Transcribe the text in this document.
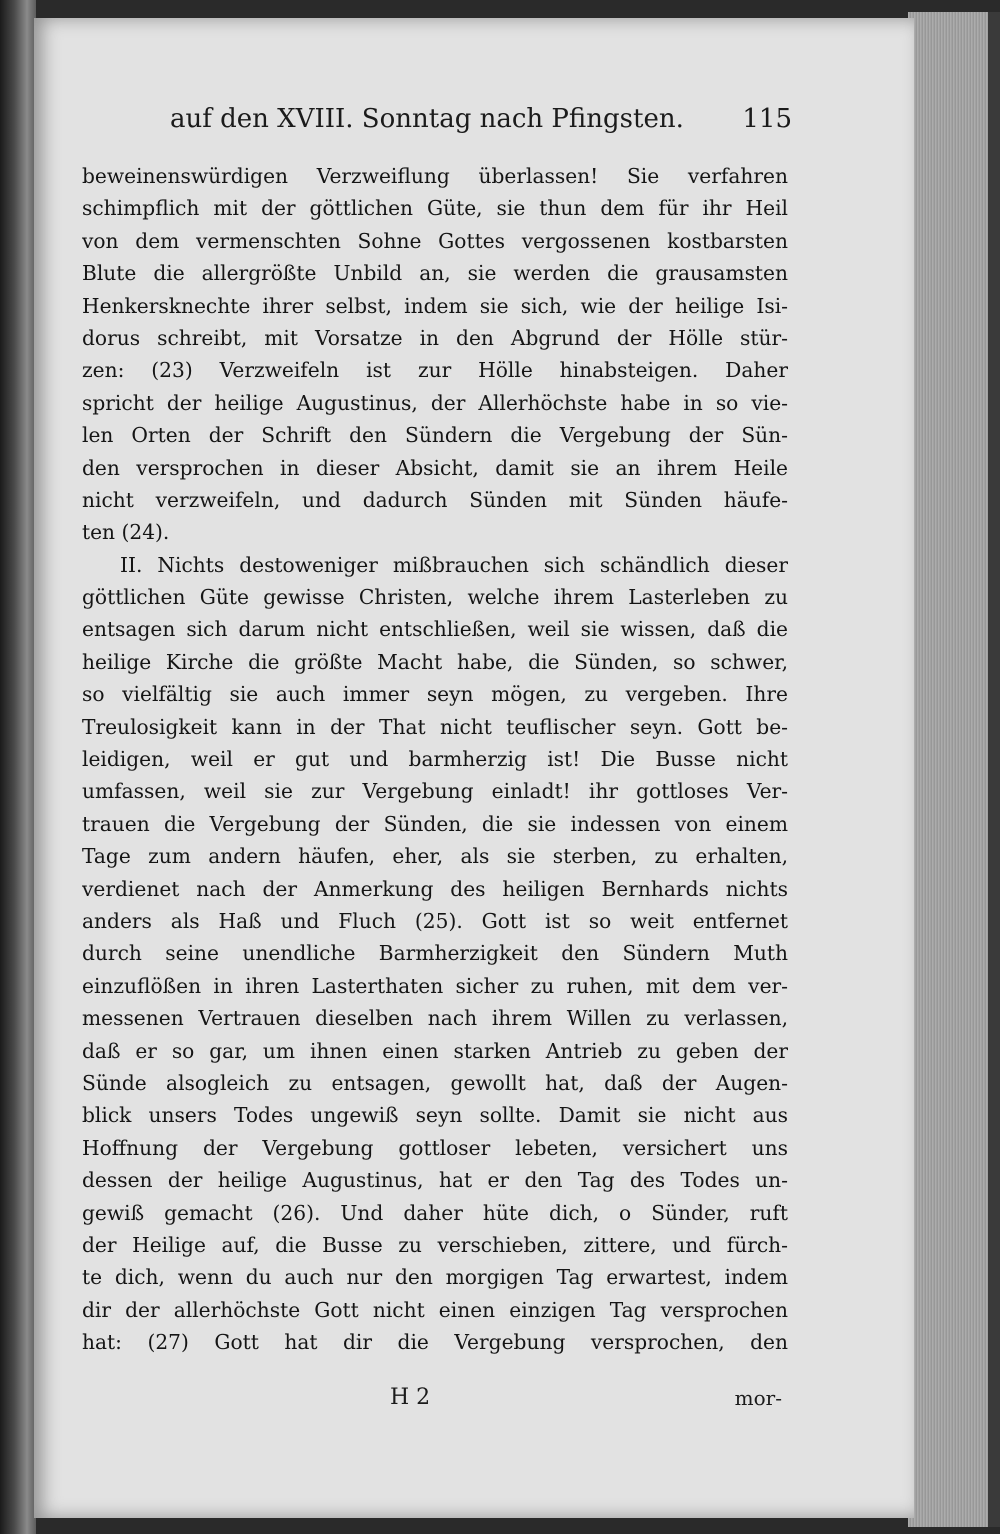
auf den XVIII. Sonntag nach Pfingsten. 115
beweinenswürdigen Verzweiflung überlassen! Sie verfahren
schimpflich mit der göttlichen Güte, sie thun dem für ihr Heil
von dem vermenschten Sohne Gottes vergossenen kostbarsten
Blute die allergrößte Unbild an, sie werden die grausamsten
Henkersknechte ihrer selbst, indem sie sich, wie der heilige Isi-
dorus schreibt, mit Vorsatze in den Abgrund der Hölle stür-
zen: (23) Verzweifeln ist zur Hölle hinabsteigen. Daher
spricht der heilige Augustinus, der Allerhöchste habe in so vie-
len Orten der Schrift den Sündern die Vergebung der Sün-
den versprochen in dieser Absicht, damit sie an ihrem Heile
nicht verzweifeln, und dadurch Sünden mit Sünden häufe-
ten (24).
II. Nichts destoweniger mißbrauchen sich schändlich dieser
göttlichen Güte gewisse Christen, welche ihrem Lasterleben zu
entsagen sich darum nicht entschließen, weil sie wissen, daß die
heilige Kirche die größte Macht habe, die Sünden, so schwer,
so vielfältig sie auch immer seyn mögen, zu vergeben. Ihre
Treulosigkeit kann in der That nicht teuflischer seyn. Gott be-
leidigen, weil er gut und barmherzig ist! Die Busse nicht
umfassen, weil sie zur Vergebung einladt! ihr gottloses Ver-
trauen die Vergebung der Sünden, die sie indessen von einem
Tage zum andern häufen, eher, als sie sterben, zu erhalten,
verdienet nach der Anmerkung des heiligen Bernhards nichts
anders als Haß und Fluch (25). Gott ist so weit entfernet
durch seine unendliche Barmherzigkeit den Sündern Muth
einzuflößen in ihren Lasterthaten sicher zu ruhen, mit dem ver-
messenen Vertrauen dieselben nach ihrem Willen zu verlassen,
daß er so gar, um ihnen einen starken Antrieb zu geben der
Sünde alsogleich zu entsagen, gewollt hat, daß der Augen-
blick unsers Todes ungewiß seyn sollte. Damit sie nicht aus
Hoffnung der Vergebung gottloser lebeten, versichert uns
dessen der heilige Augustinus, hat er den Tag des Todes un-
gewiß gemacht (26). Und daher hüte dich, o Sünder, ruft
der Heilige auf, die Busse zu verschieben, zittere, und fürch-
te dich, wenn du auch nur den morgigen Tag erwartest, indem
dir der allerhöchste Gott nicht einen einzigen Tag versprochen
hat: (27) Gott hat dir die Vergebung versprochen, den
H 2	mor-
